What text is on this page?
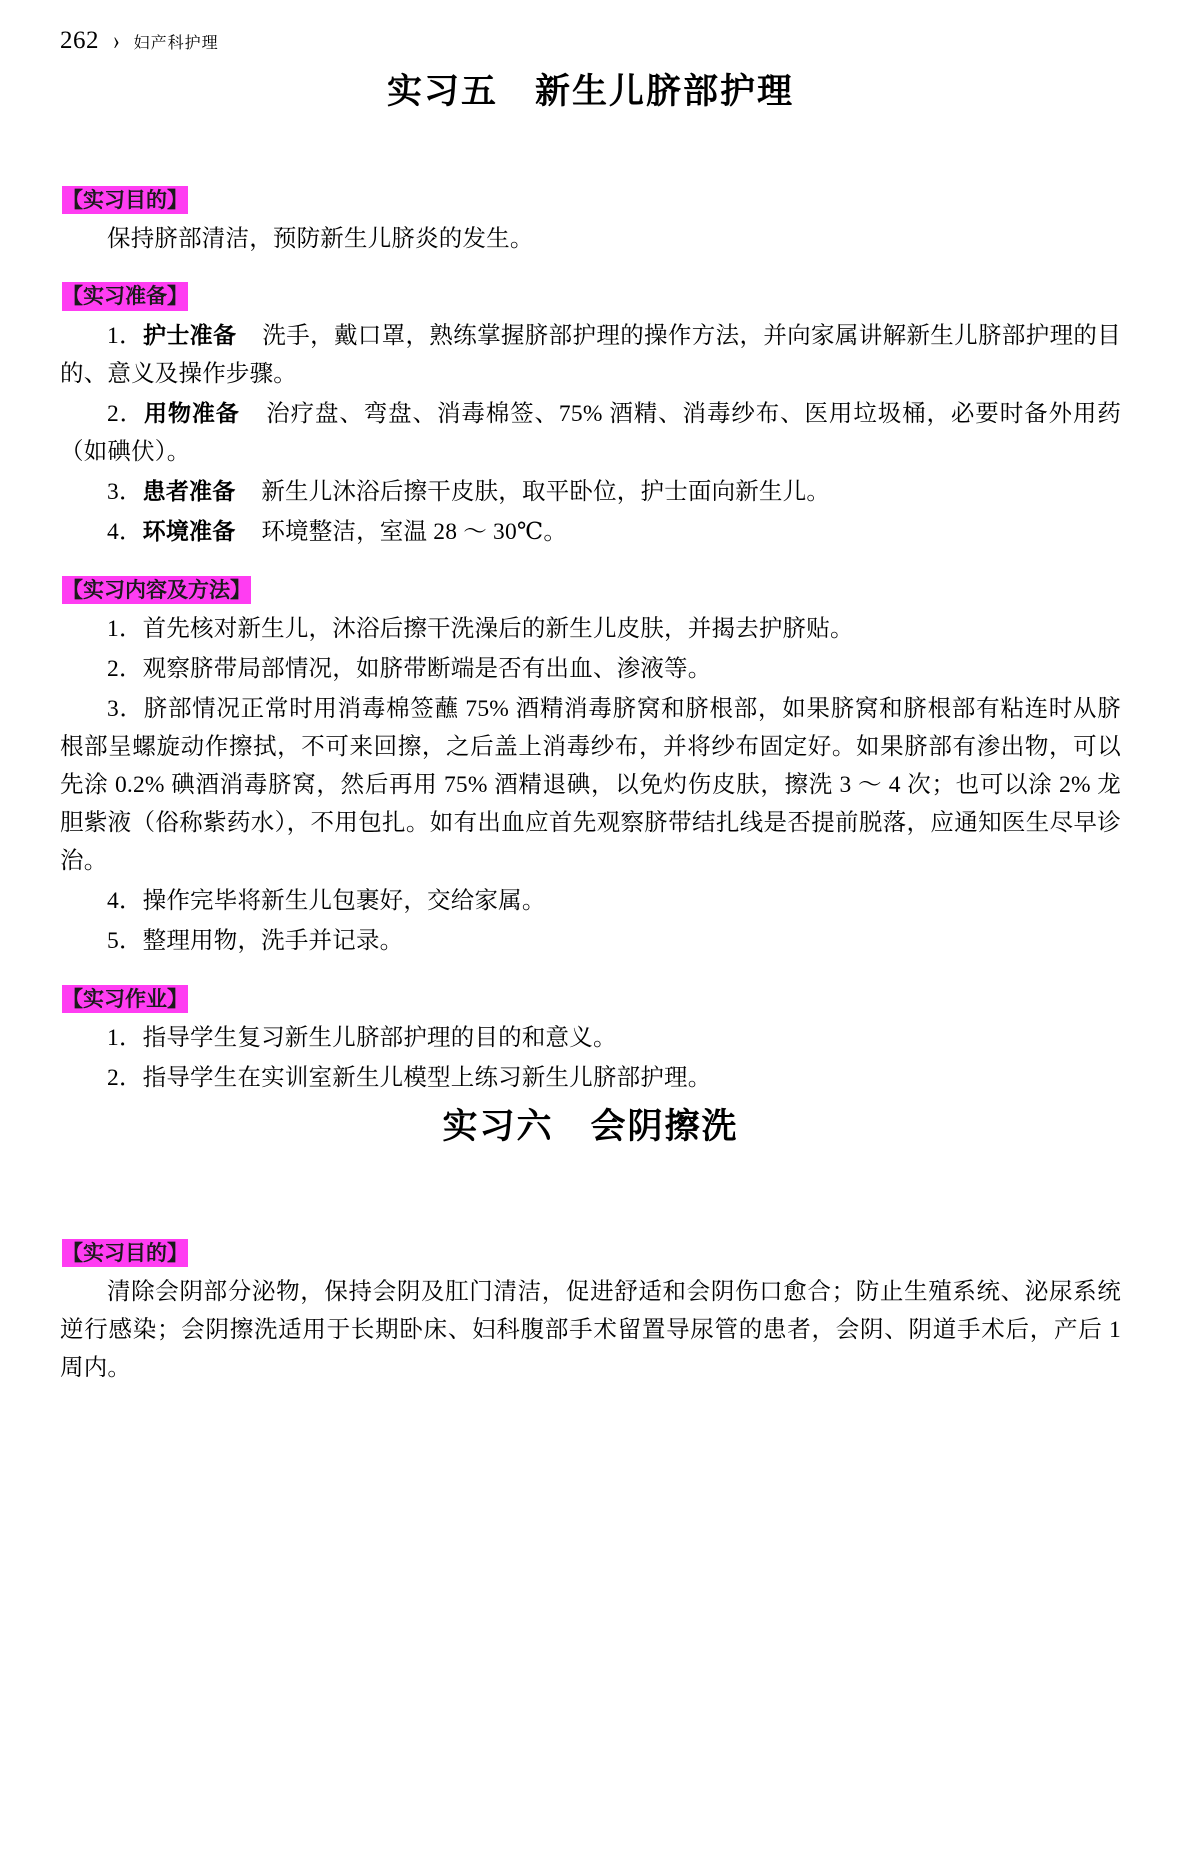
262 › 妇产科护理
实习五　新生儿脐部护理
【实习目的】

保持脐部清洁，预防新生儿脐炎的发生。

【实习准备】

1．护士准备 洗手，戴口罩，熟练掌握脐部护理的操作方法，并向家属讲解新生儿脐部护理的目的、意义及操作步骤。

2．用物准备 治疗盘、弯盘、消毒棉签、75% 酒精、消毒纱布、医用垃圾桶，必要时备外用药（如碘伏）。

3．患者准备 新生儿沐浴后擦干皮肤，取平卧位，护士面向新生儿。

4．环境准备 环境整洁，室温 28 ～ 30℃。

【实习内容及方法】

1．首先核对新生儿，沐浴后擦干洗澡后的新生儿皮肤，并揭去护脐贴。

2．观察脐带局部情况，如脐带断端是否有出血、渗液等。

3．脐部情况正常时用消毒棉签蘸 75% 酒精消毒脐窝和脐根部，如果脐窝和脐根部有粘连时从脐根部呈螺旋动作擦拭，不可来回擦，之后盖上消毒纱布，并将纱布固定好。如果脐部有渗出物，可以先涂 0.2% 碘酒消毒脐窝，然后再用 75% 酒精退碘，以免灼伤皮肤，擦洗 3 ～ 4 次；也可以涂 2% 龙胆紫液（俗称紫药水），不用包扎。如有出血应首先观察脐带结扎线是否提前脱落，应通知医生尽早诊治。

4．操作完毕将新生儿包裹好，交给家属。

5．整理用物，洗手并记录。

【实习作业】

1．指导学生复习新生儿脐部护理的目的和意义。

2．指导学生在实训室新生儿模型上练习新生儿脐部护理。

实习六　会阴擦洗
【实习目的】

清除会阴部分泌物，保持会阴及肛门清洁，促进舒适和会阴伤口愈合；防止生殖系统、泌尿系统逆行感染；会阴擦洗适用于长期卧床、妇科腹部手术留置导尿管的患者，会阴、阴道手术后，产后 1 周内。
